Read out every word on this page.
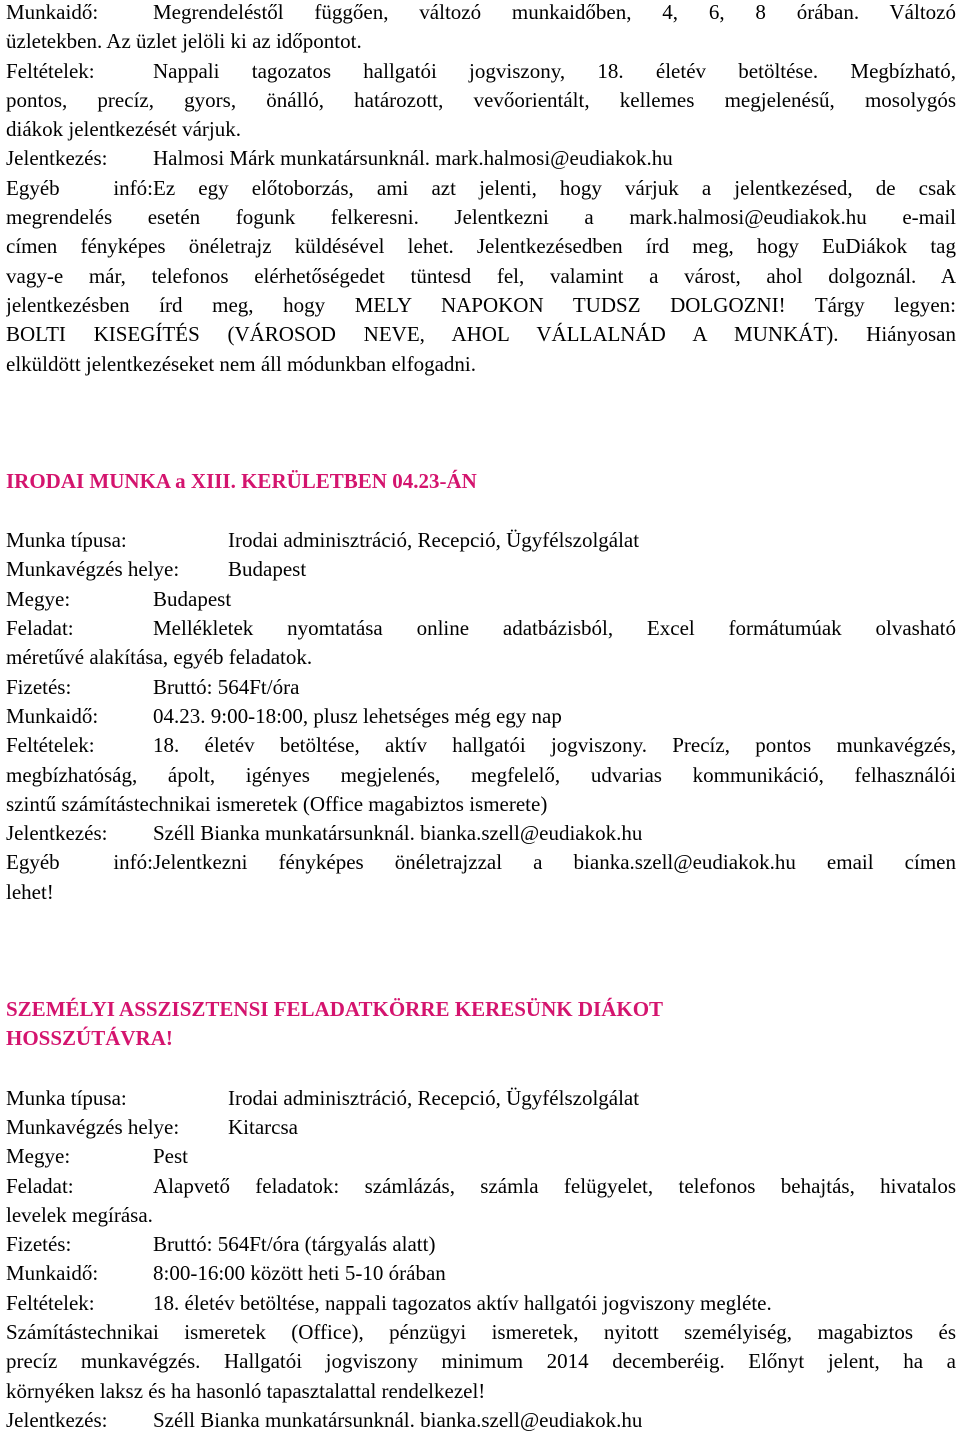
Munkaidő:	Megrendeléstől függően, változó munkaidőben, 4, 6, 8 órában. Változó
üzletekben. Az üzlet jelöli ki az időpontot.
Feltételek:	Nappali tagozatos hallgatói jogviszony, 18. életév betöltése. Megbízható,
pontos, precíz, gyors, önálló, határozott, vevőorientált, kellemes megjelenésű, mosolygós
diákok jelentkezését várjuk.
Jelentkezés: Halmosi Márk munkatársunknál. mark.halmosi@eudiakok.hu
Egyéb infó:Ez egy előtoborzás, ami azt jelenti, hogy várjuk a jelentkezésed, de csak
megrendelés esetén fogunk felkeresni. Jelentkezni a mark.halmosi@eudiakok.hu e-mail
címen fényképes önéletrajz küldésével lehet. Jelentkezésedben írd meg, hogy EuDiákok tag
vagy-e már, telefonos elérhetőségedet tüntesd fel, valamint a várost, ahol dolgoznál. A
jelentkezésben írd meg, hogy MELY NAPOKON TUDSZ DOLGOZNI! Tárgy legyen:
BOLTI KISEGÍTÉS (VÁROSOD NEVE, AHOL VÁLLALNÁD A MUNKÁT). Hiányosan
elküldött jelentkezéseket nem áll módunkban elfogadni.
IRODAI MUNKA a XIII. KERÜLETBEN 04.23-ÁN
Munka típusa:	Irodai adminisztráció, Recepció, Ügyfélszolgálat
Munkavégzés helye: Budapest
Megye:	Budapest
Feladat:	Mellékletek nyomtatása online adatbázisból, Excel formátumúak olvasható
méretűvé alakítása, egyéb feladatok.
Fizetés:	Bruttó: 564Ft/óra
Munkaidő:	04.23. 9:00-18:00, plusz lehetséges még egy nap
Feltételek:	18. életév betöltése, aktív hallgatói jogviszony. Precíz, pontos munkavégzés,
megbízhatóság, ápolt, igényes megjelenés, megfelelő, udvarias kommunikáció, felhasználói
szintű számítástechnikai ismeretek (Office magabiztos ismerete)
Jelentkezés: Széll Bianka munkatársunknál. bianka.szell@eudiakok.hu
Egyéb infó:Jelentkezni fényképes önéletrajzzal a bianka.szell@eudiakok.hu email címen
lehet!
SZEMÉLYI ASSZISZTENSI FELADATKÖRRE KERESÜNK DIÁKOT
HOSSZÚTÁVRA!
Munka típusa:	Irodai adminisztráció, Recepció, Ügyfélszolgálat
Munkavégzés helye: Kitarcsa
Megye:	Pest
Feladat:	Alapvető feladatok: számlázás, számla felügyelet, telefonos behajtás, hivatalos
levelek megírása.
Fizetés:	Bruttó: 564Ft/óra (tárgyalás alatt)
Munkaidő:	8:00-16:00 között heti 5-10 órában
Feltételek:	18. életév betöltése, nappali tagozatos aktív hallgatói jogviszony megléte.
Számítástechnikai ismeretek (Office), pénzügyi ismeretek, nyitott személyiség, magabiztos és
precíz munkavégzés. Hallgatói jogviszony minimum 2014 decemberéig. Előnyt jelent, ha a
környéken laksz és ha hasonló tapasztalattal rendelkezel!
Jelentkezés: Széll Bianka munkatársunknál. bianka.szell@eudiakok.hu
